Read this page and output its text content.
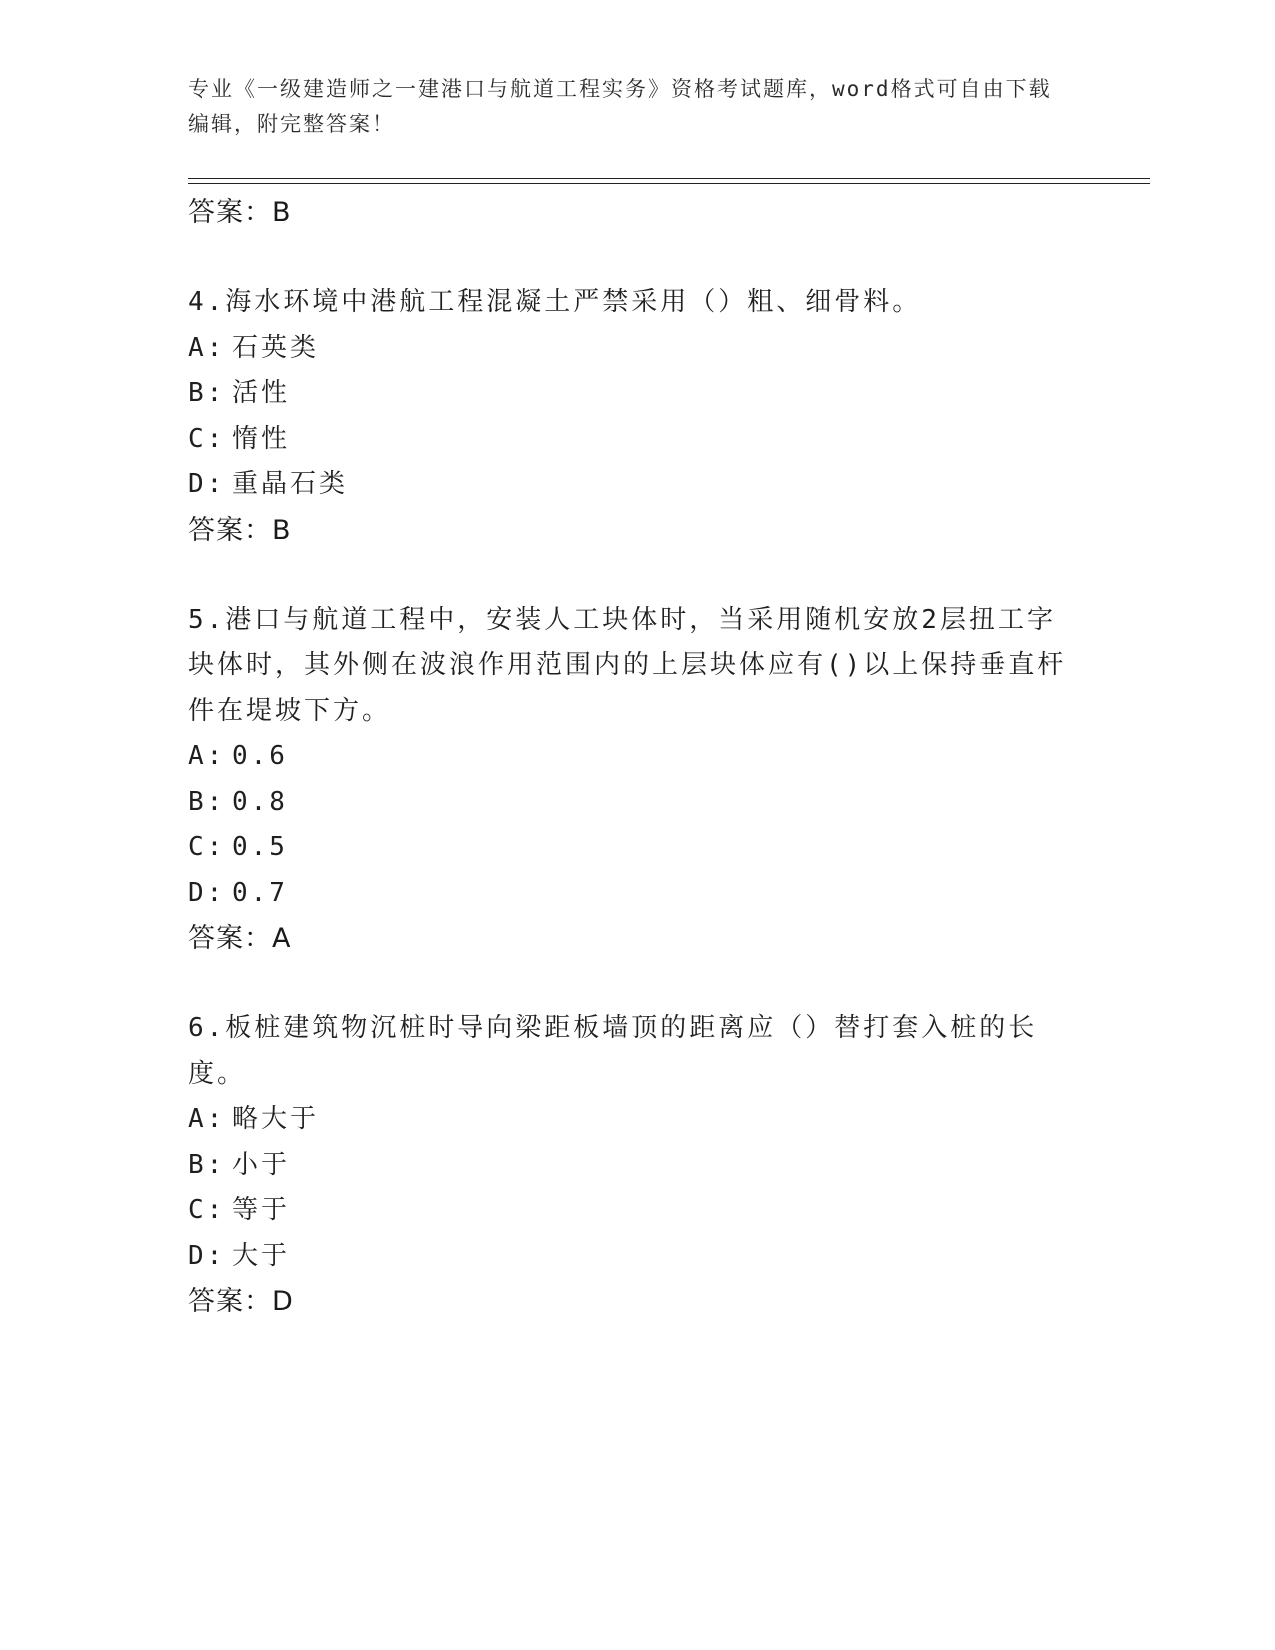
专业《一级建造师之一建港口与航道工程实务》资格考试题库，word格式可自由下载编辑，附完整答案！
答案：B
4.海水环境中港航工程混凝土严禁采用（）粗、细骨料。
A: 石英类
B: 活性
C: 惰性
D: 重晶石类
答案：B
5.港口与航道工程中，安装人工块体时，当采用随机安放2层扭工字块体时，其外侧在波浪作用范围内的上层块体应有()以上保持垂直杆件在堤坡下方。
A: 0.6
B: 0.8
C: 0.5
D: 0.7
答案：A
6.板桩建筑物沉桩时导向梁距板墙顶的距离应（）替打套入桩的长度。
A: 略大于
B: 小于
C: 等于
D: 大于
答案：D
